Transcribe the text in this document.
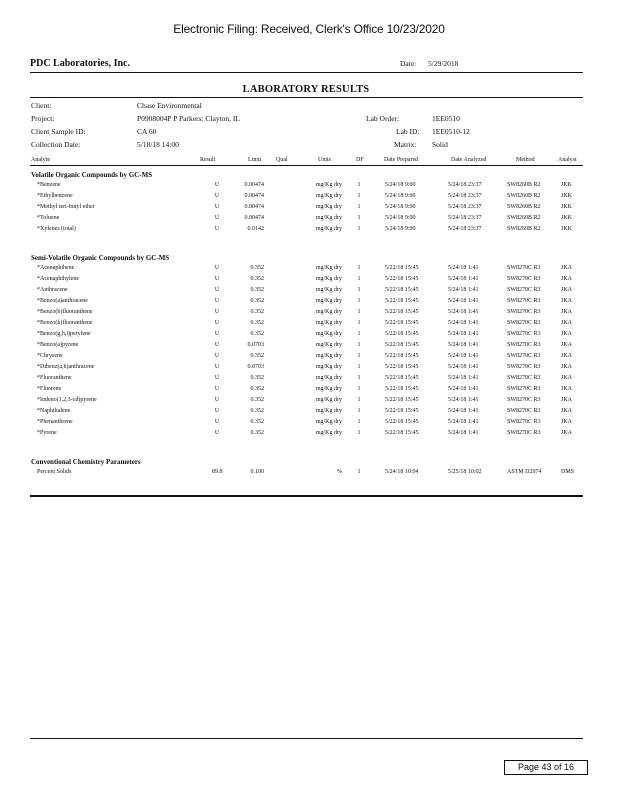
Electronic Filing: Received, Clerk's Office 10/23/2020
PDC Laboratories, Inc.	Date: 5/29/2018
LABORATORY RESULTS
Client:	Chase Environmental
Project:	P0908004P P Parkers: Clayton, IL	Lab Order:	1EE0510
Client Sample ID:	CA 60	Lab ID: 1EE0510-12
Collection Date:	5/18/18 14:00	Matrix: Solid
Analyte	Result	Limit Qual	Units	DF	Date Prepared	Date Analyzed	Method	Analyst
Volatile Organic Compounds by GC-MS
*Benzene	U	0.00474	mg/Kg dry	1	5/24/18 9:00	5/24/18 23:37	SW8260B R2	JKK
*Ethylbenzene	U	0.00474	mg/Kg dry	1	5/24/18 9:00	5/24/18 23:37	SW8260B R2	JKK
*Methyl tert-butyl ether	U	0.00474	mg/Kg dry	1	5/24/18 9:00	5/24/18 23:37	SW8260B R2	JKK
*Toluene	U	0.00474	mg/Kg dry	1	5/24/18 9:00	5/24/18 23:37	SW8260B R2	JKK
*Xylenes (total)	U	0.0142	mg/Kg dry	1	5/24/18 9:00	5/24/18 23:37	SW8260B R2	JKK
Semi-Volatile Organic Compounds by GC-MS
*Acenaphthene	U	0.352	mg/Kg dry	1	5/22/18 15:45	5/24/18 1:41	SW8270C R3	JKA
*Acenaphthylene	U	0.352	mg/Kg dry	1	5/22/18 15:45	5/24/18 1:41	SW8270C R3	JKA
*Anthracene	U	0.352	mg/Kg dry	1	5/22/18 15:45	5/24/18 1:41	SW8270C R3	JKA
*Benzo(a)anthracene	U	0.352	mg/Kg dry	1	5/22/18 15:45	5/24/18 1:41	SW8270C R3	JKA
*Benzo(b)fluoranthene	U	0.352	mg/Kg dry	1	5/22/18 15:45	5/24/18 1:41	SW8270C R3	JKA
*Benzo(k)fluoranthene	U	0.352	mg/Kg dry	1	5/22/18 15:45	5/24/18 1:41	SW8270C R3	JKA
*Benzo(g,h,i)perylene	U	0.352	mg/Kg dry	1	5/22/18 15:45	5/24/18 1:41	SW8270C R3	JKA
*Benzo(a)pyrene	U	0.0703	mg/Kg dry	1	5/22/18 15:45	5/24/18 1:41	SW8270C R3	JKA
*Chrysene	U	0.352	mg/Kg dry	1	5/22/18 15:45	5/24/18 1:41	SW8270C R3	JKA
*Dibenz(a,h)anthracene	U	0.0703	mg/Kg dry	1	5/22/18 15:45	5/24/18 1:41	SW8270C R3	JKA
*Fluoranthene	U	0.352	mg/Kg dry	1	5/22/18 15:45	5/24/18 1:41	SW8270C R3	JKA
*Fluorene	U	0.352	mg/Kg dry	1	5/22/18 15:45	5/24/18 1:41	SW8270C R3	JKA
*Indeno(1,2,3-cd)pyrene	U	0.352	mg/Kg dry	1	5/22/18 15:45	5/24/18 1:41	SW8270C R3	JKA
*Naphthalene	U	0.352	mg/Kg dry	1	5/22/18 15:45	5/24/18 1:41	SW8270C R3	JKA
*Phenanthrene	U	0.352	mg/Kg dry	1	5/22/18 15:45	5/24/18 1:41	SW8270C R3	JKA
*Pyrene	U	0.352	mg/Kg dry	1	5/22/18 15:45	5/24/18 1:41	SW8270C R3	JKA
Conventional Chemistry Parameters
Percent Solids	89.8	0.100	%	1	5/24/18 10:04	5/25/18 10:02	ASTM D2974	DMS
Page 43 of 16
